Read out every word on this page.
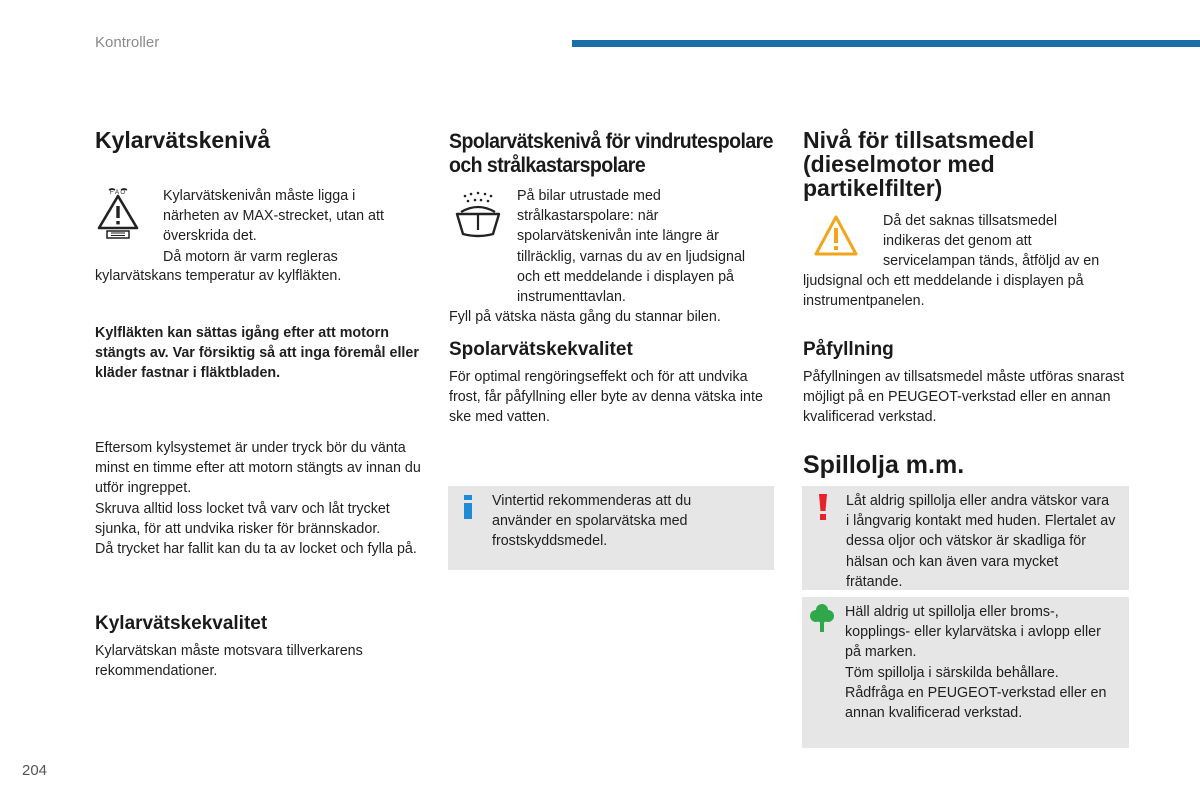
Kontroller
Kylarvätskenivå
F A O	Kylarvätskenivån måste ligga i
närheten av MAX-strecket, utan att
överskrida det.
Då motorn är varm regleras
kylarvätskans temperatur av kylfläkten.
Kylfläkten kan sättas igång efter att motorn stängts av. Var försiktig så att inga föremål eller kläder fastnar i fläktbladen.
Eftersom kylsystemet är under tryck bör du vänta minst en timme efter att motorn stängts av innan du utför ingreppet.
Skruva alltid loss locket två varv och låt trycket sjunka, för att undvika risker för brännskador.
Då trycket har fallit kan du ta av locket och fylla på.
Kylarvätskekvalitet
Kylarvätskan måste motsvara tillverkarens rekommendationer.
Spolarvätskenivå för vindrutespolare
och strålkastarspolare
På bilar utrustade med
strålkastarspolare: när
spolarvätskenivån inte längre är
tillräcklig, varnas du av en ljudsignal
och ett meddelande i displayen på
instrumenttavlan.
Fyll på vätska nästa gång du stannar bilen.
Spolarvätskekvalitet
För optimal rengöringseffekt och för att undvika frost, får påfyllning eller byte av denna vätska inte ske med vatten.
Vintertid rekommenderas att du använder en spolarvätska med frostskyddsmedel.
Nivå för tillsatsmedel
(dieselmotor med
partikelfilter)
Då det saknas tillsatsmedel
indikeras det genom att
servicelampan tänds, åtföljd av en
ljudsignal och ett meddelande i displayen på instrumentpanelen.
Påfyllning
Påfyllningen av tillsatsmedel måste utföras snarast möjligt på en PEUGEOT-verkstad eller en annan kvalificerad verkstad.
Spillolja m.m.
Låt aldrig spillolja eller andra vätskor vara i långvarig kontakt med huden. Flertalet av dessa oljor och vätskor är skadliga för hälsan och kan även vara mycket frätande.
Häll aldrig ut spillolja eller broms-, kopplings- eller kylarvätska i avlopp eller på marken.
Töm spillolja i särskilda behållare.
Rådfråga en PEUGEOT-verkstad eller en annan kvalificerad verkstad.
204
